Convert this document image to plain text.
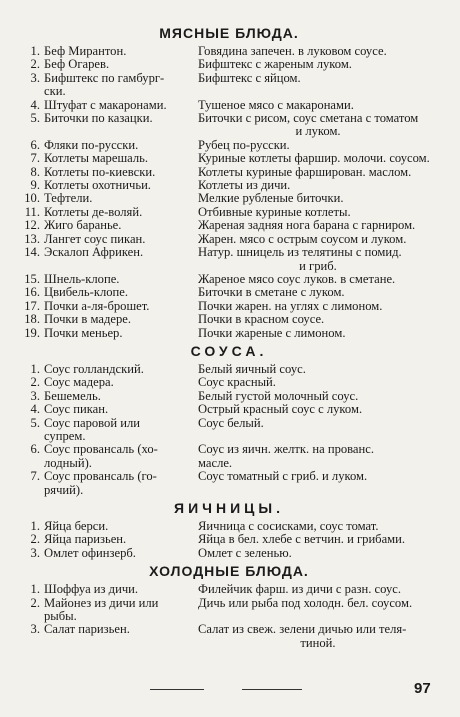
МЯСНЫЕ БЛЮДА.
1. Беф Мирантон.	Говядина запечен. в луковом соусе.
2. Беф Огарев.	Бифштекс с жареным луком.
3. Бифштекс по гамбург-	Бифштекс с яйцом.
ски.
4. Штуфат с макаронами.	Тушеное мясо с макаронами.
5. Биточки по казацки.	Биточки с рисом, соус сметана с томатом
и луком.
6. Фляки по-русски.	Рубец по-русски.
7. Котлеты марешаль.	Куриные котлеты фаршир. молочи. соусом.
8. Котлеты по-киевски.	Котлеты куриные фарширован. маслом.
9. Котлеты охотничьи.	Котлеты из дичи.
10. Тефтели.	Мелкие рубленые биточки.
11. Котлеты де-воляй.	Отбивные куриные котлеты.
12. Жиго бараньe.	Жареная задняя нога барана с гарниром.
13. Лангет соус пикан.	Жарен. мясо с острым соусом и луком.
14. Эскалоп Африкен.	Натур. шницель из телятины с помид.
и гриб.
15. Шнель-клопе.	Жареное мясо соус луков. в сметане.
16. Цвибель-клопе.	Биточки в сметане с луком.
17. Почки а-ля-брошет.	Почки жарен. на углях с лимоном.
18. Почки в мадере.	Почки в красном соусе.
19. Почки меньер.	Почки жареные с лимоном.
СОУСА.
1. Соус голландский.	Белый яичный соус.
2. Соус мадера.	Соус красный.
3. Бешемель.	Белый густой молочный соус.
4. Соус пикан.	Острый красный соус с луком.
5. Соус паровой или	Соус белый.
супрем.
6. Соус провансаль (хо-	Соус из яичн. желтк. на прованс.
лодный).	масле.
7. Соус провансаль (го-	Соус томатный с гриб. и луком.
рячий).
ЯИЧНИЦЫ.
1. Яйца берси.	Яичница с сосисками, соус томат.
2. Яйца паризьен.	Яйца в бел. хлебе с ветчин. и грибами.
3. Омлет офинзерб.	Омлет с зеленью.
ХОЛОДНЫЕ БЛЮДА.
1. Шоффуа из дичи.	Филейчик фарш. из дичи с разн. соус.
2. Майонез из дичи или	Дичь или рыба под холодн. бел. соусом.
рыбы.
3. Салат паризьен.	Салат из свеж. зелени дичью или теля-
тиной.
97
